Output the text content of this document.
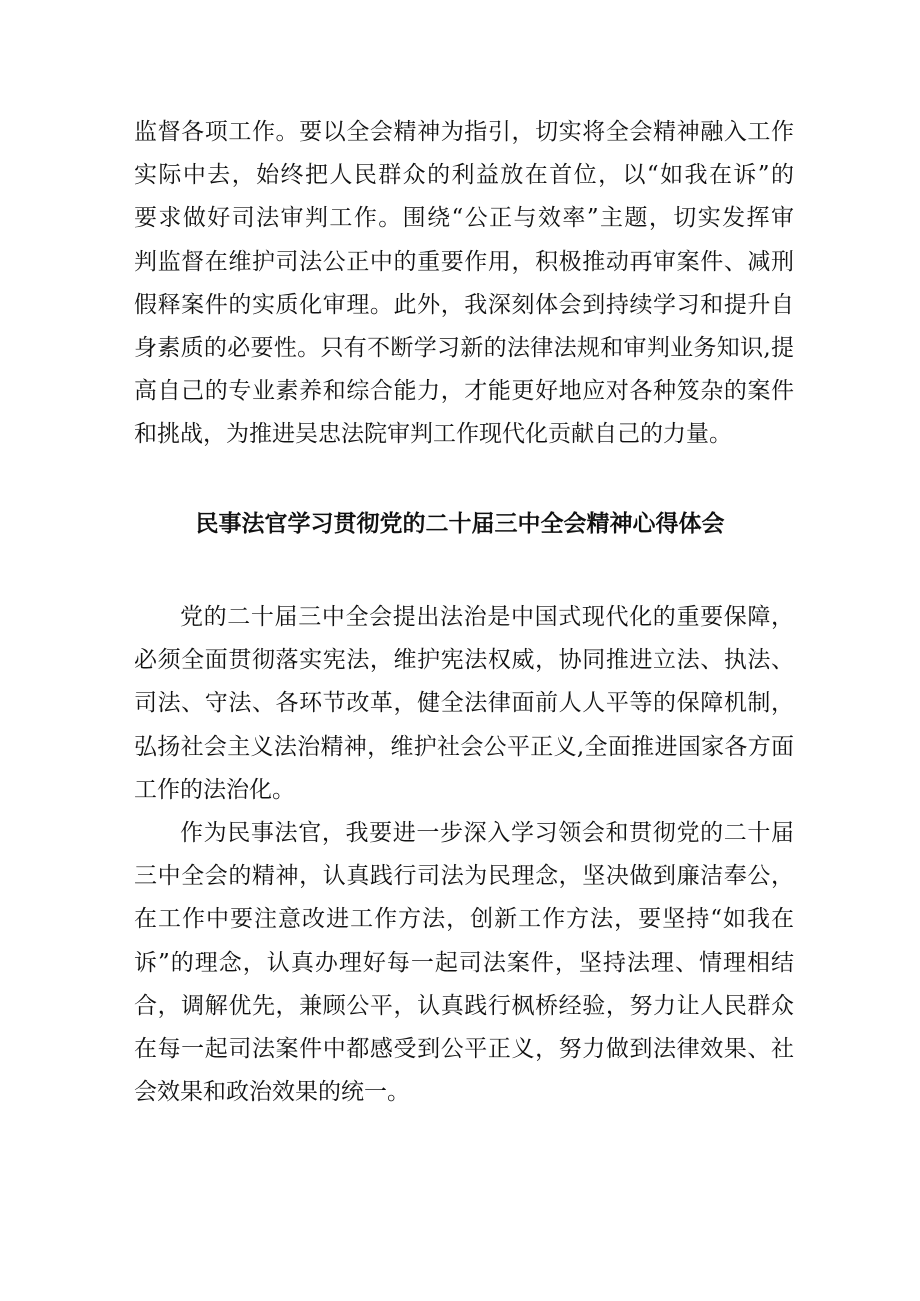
监督各项工作。要以全会精神为指引，切实将全会精神融入工作
实际中去，始终把人民群众的利益放在首位，以“如我在诉”的
要求做好司法审判工作。围绕“公正与效率”主题，切实发挥审
判监督在维护司法公正中的重要作用，积极推动再审案件、减刑
假释案件的实质化审理。此外，我深刻体会到持续学习和提升自
身素质的必要性。只有不断学习新的法律法规和审判业务知识,提
高自己的专业素养和综合能力，才能更好地应对各种笈杂的案件
和挑战，为推进吴忠法院审判工作现代化贡献自己的力量。
民事法官学习贯彻党的二十届三中全会精神心得体会
党的二十届三中全会提出法治是中国式现代化的重要保障，
必须全面贯彻落实宪法，维护宪法权威，协同推进立法、执法、
司法、守法、各环节改革，健全法律面前人人平等的保障机制，
弘扬社会主义法治精神，维护社会公平正义,全面推进国家各方面
工作的法治化。
作为民事法官，我要进一步深入学习领会和贯彻党的二十届
三中全会的精神，认真践行司法为民理念，坚决做到廉洁奉公，
在工作中要注意改进工作方法，创新工作方法，要坚持“如我在
诉”的理念，认真办理好每一起司法案件，坚持法理、情理相结
合，调解优先，兼顾公平，认真践行枫桥经验，努力让人民群众
在每一起司法案件中都感受到公平正义，努力做到法律效果、社
会效果和政治效果的统一。
